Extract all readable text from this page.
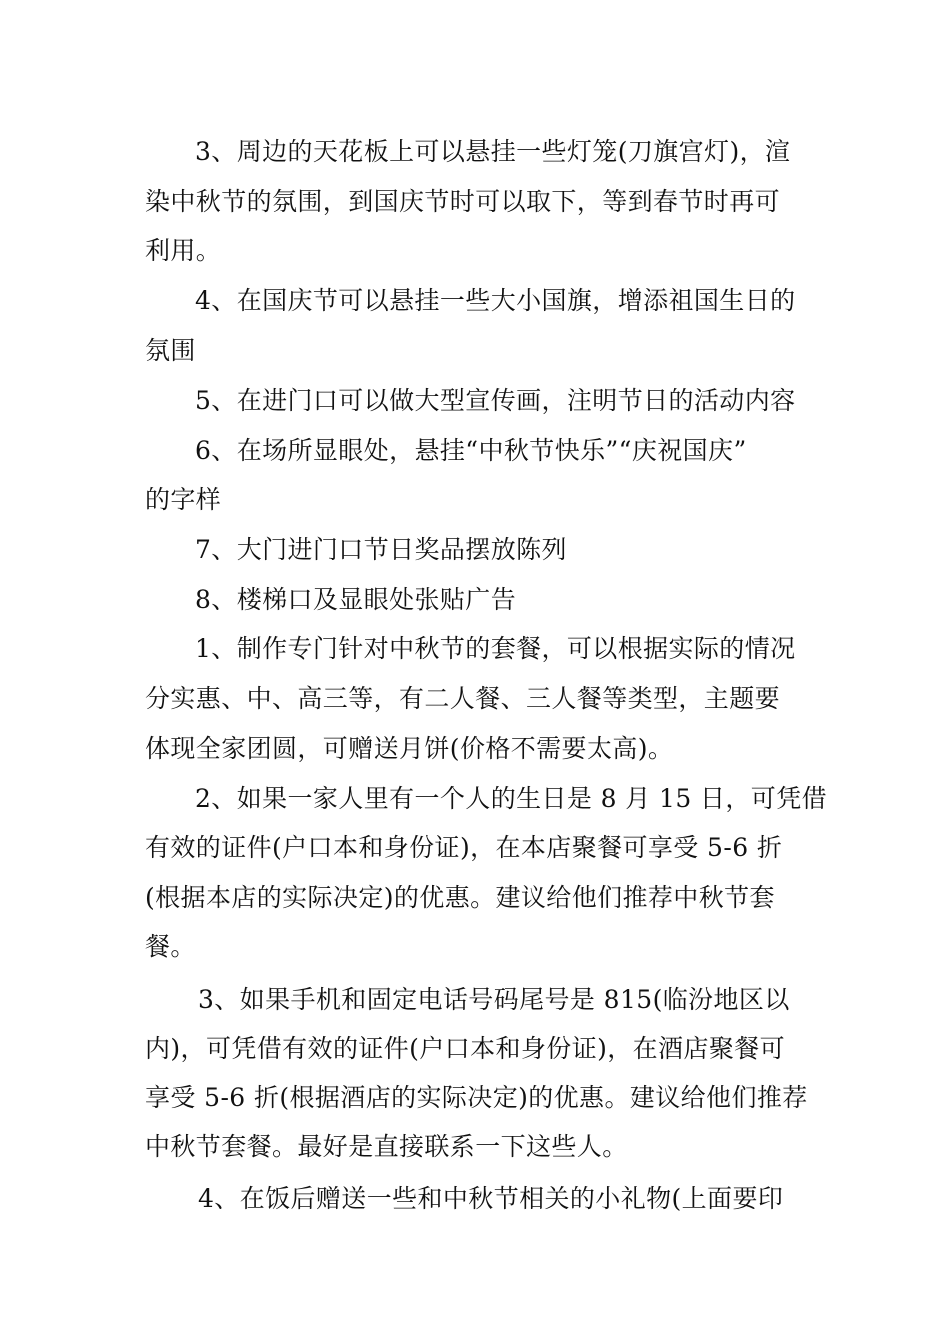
3、周边的天花板上可以悬挂一些灯笼(刀旗宫灯)，渲
染中秋节的氛围，到国庆节时可以取下，等到春节时再可
利用。
4、在国庆节可以悬挂一些大小国旗，增添祖国生日的
氛围
5、在进门口可以做大型宣传画，注明节日的活动内容
6、在场所显眼处，悬挂“中秋节快乐”“庆祝国庆”
的字样
7、大门进门口节日奖品摆放陈列
8、楼梯口及显眼处张贴广告
1、制作专门针对中秋节的套餐，可以根据实际的情况
分实惠、中、高三等，有二人餐、三人餐等类型，主题要
体现全家团圆，可赠送月饼(价格不需要太高)。
2、如果一家人里有一个人的生日是 8 月 15 日，可凭借
有效的证件(户口本和身份证)，在本店聚餐可享受 5-6 折
(根据本店的实际决定)的优惠。建议给他们推荐中秋节套
餐。
3、如果手机和固定电话号码尾号是 815(临汾地区以
内)，可凭借有效的证件(户口本和身份证)，在酒店聚餐可
享受 5-6 折(根据酒店的实际决定)的优惠。建议给他们推荐
中秋节套餐。最好是直接联系一下这些人。
4、在饭后赠送一些和中秋节相关的小礼物(上面要印
